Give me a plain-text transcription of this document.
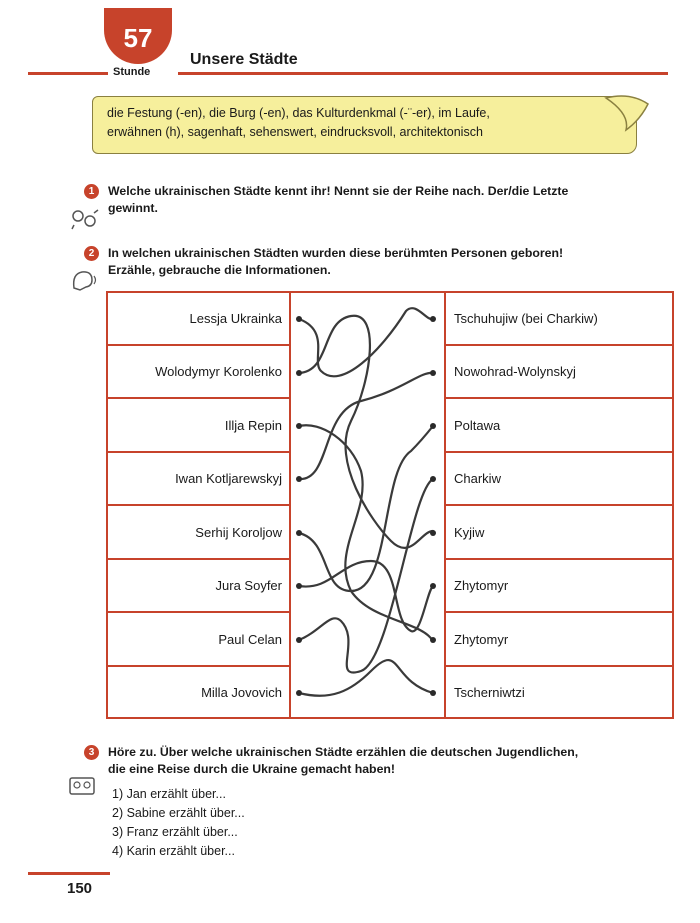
57
Stunde
Unsere Städte
die Festung (-en), die Burg (-en), das Kulturdenkmal (-¨-er), im Laufe,
erwähnen (h), sagenhaft, sehenswert, eindrucksvoll, architektonisch
1	Welche ukrainischen Städte kennt ihr! Nennt sie der Reihe nach. Der/die Letzte
gewinnt.
2	In welchen ukrainischen Städten wurden diese berühmten Personen geboren!
Erzähle, gebrauche die Informationen.
Lessja Ukrainka
Wolodymyr Korolenko
Illja Repin
Iwan Kotljarewskyj
Serhij Koroljow
Jura Soyfer
Paul Celan
Milla Jovovich
Tschuhujiw (bei Charkiw)
Nowohrad-Wolynskyj
Poltawa
Charkiw
Kyjiw
Zhytomyr
Zhytomyr
Tscherniwtzi
3	Höre zu. Über welche ukrainischen Städte erzählen die deutschen Jugendlichen,
die eine Reise durch die Ukraine gemacht haben!
1) Jan erzählt über...
2) Sabine erzählt über...
3) Franz erzählt über...
4) Karin erzählt über...
150
